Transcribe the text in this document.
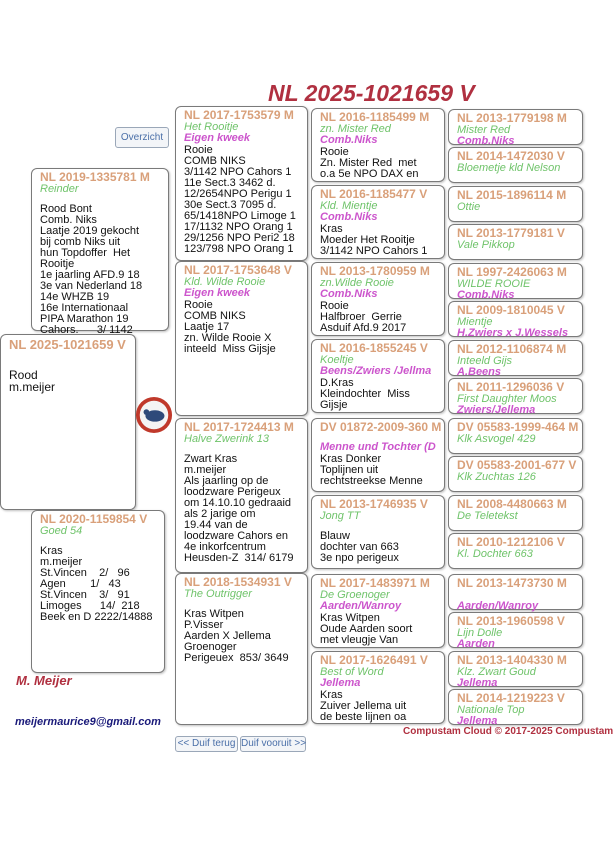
NL 2025-1021659 V
Overzicht
NL 2025-1021659 V
Rood
m.meijer
NL 2019-1335781 M
Reinder
Rood Bont
Comb. Niks
Laatje 2019 gekocht
bij comb Niks uit
hun Topdoffer  Het
Rooitje
1e jaarling AFD.9 18
3e van Nederland 18
14e WHZB 19
16e Internationaal
PIPA Marathon 19
Cahors.      3/ 1142
NL 2020-1159854 V
Goed 54
Kras
m.meijer
St.Vincen    2/   96
Agen        1/   43
St.Vincen    3/   91
Limoges      14/  218
Beek en D 2222/14888
NL 2017-1753579 M
Het Rooitje
Eigen kweek
Rooie
COMB NIKS
3/1142 NPO Cahors 1
11e Sect.3 3462 d.
12/2654NPO Perigu 1
30e Sect.3 7095 d.
65/1418NPO Limoge 1
17/1132 NPO Orang 1
29/1256 NPO Peri2 18
123/798 NPO Orang 1
NL 2017-1753648 V
Kld. Wilde Rooie
Eigen kweek
Rooie
COMB NIKS
Laatje 17
zn. Wilde Rooie X
inteeld  Miss Gijsje
NL 2017-1724413 M
Halve Zwerink 13
Zwart Kras
m.meijer
Als jaarling op de
loodzware Perigeux
om 14.10.10 gedraaid
als 2 jarige om
19.44 van de
loodzware Cahors en
4e inkorfcentrum
Heusden-Z  314/ 6179
NL 2018-1534931 V
The Outrigger
Kras Witpen
P.Visser
Aarden X Jellema
Groenoger
Perigeuex  853/ 3649
NL 2016-1185499 M
zn. Mister Red
Comb.Niks
Rooie
Zn. Mister Red  met
o.a 5e NPO DAX en
NL 2016-1185477 V
Kld. Mientje
Comb.Niks
Kras
Moeder Het Rooitje
3/1142 NPO Cahors 1
NL 2013-1780959 M
zn.Wilde Rooie
Comb.Niks
Rooie
Halfbroer  Gerrie
Asduif Afd.9 2017
NL 2016-1855245 V
Koeltje
Beens/Zwiers /Jellma
D.Kras
Kleindochter  Miss
Gijsje
DV 01872-2009-360 M
Menne und Tochter (D
Kras Donker
Toplijnen uit
rechtstreekse Menne
NL 2013-1746935 V
Jong TT
Blauw
dochter van 663
3e npo perigeux
NL 2017-1483971 M
De Groenoger
Aarden/Wanroy
Kras Witpen
Oude Aarden soort
met vleugje Van
NL 2017-1626491 V
Best of Word
Jellema
Kras
Zuiver Jellema uit
de beste lijnen oa
NL 2013-1779198 M
Mister Red
Comb.Niks
NL 2014-1472030 V
Bloemetje kld Nelson
NL 2015-1896114 M
Ottie
NL 2013-1779181 V
Vale Pikkop
NL 1997-2426063 M
WILDE ROOIE
Comb.Niks
NL 2009-1810045 V
Mientje
H.Zwiers x J.Wessels
NL 2012-1106874 M
Inteeld Gijs
A.Beens
NL 2011-1296036 V
First Daughter Moos
Zwiers/Jellema
DV 05583-1999-464 M
Klk Asvogel 429
DV 05583-2001-677 V
Klk Zuchtas 126
NL 2008-4480663 M
De Teletekst
NL 2010-1212106 V
Kl. Dochter 663
NL 2013-1473730 M
Aarden/Wanroy
NL 2013-1960598 V
Lijn Dolle
Aarden
NL 2013-1404330 M
Klz. Zwart Goud
Jellema
NL 2014-1219223 V
Nationale Top
Jellema
M. Meijer
meijermaurice9@gmail.com
<< Duif terug Duif vooruit >>
Compustam Cloud © 2017-2025 Compustam
